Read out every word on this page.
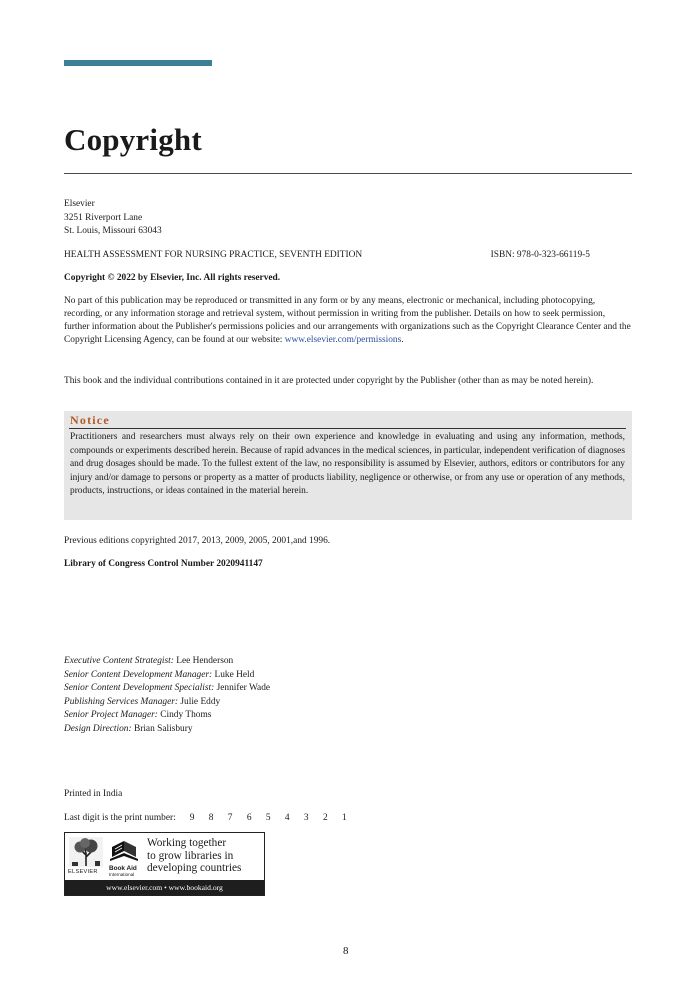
Copyright
Elsevier
3251 Riverport Lane
St. Louis, Missouri 63043
HEALTH ASSESSMENT FOR NURSING PRACTICE, SEVENTH EDITION	ISBN: 978-0-323-66119-5
Copyright © 2022 by Elsevier, Inc. All rights reserved.
No part of this publication may be reproduced or transmitted in any form or by any means, electronic or mechanical, including photocopying, recording, or any information storage and retrieval system, without permission in writing from the publisher. Details on how to seek permission, further information about the Publisher's permissions policies and our arrangements with organizations such as the Copyright Clearance Center and the Copyright Licensing Agency, can be found at our website: www.elsevier.com/permissions.
This book and the individual contributions contained in it are protected under copyright by the Publisher (other than as may be noted herein).
Notice
Practitioners and researchers must always rely on their own experience and knowledge in evaluating and using any information, methods, compounds or experiments described herein. Because of rapid advances in the medical sciences, in particular, independent verification of diagnoses and drug dosages should be made. To the fullest extent of the law, no responsibility is assumed by Elsevier, authors, editors or contributors for any injury and/or damage to persons or property as a matter of products liability, negligence or otherwise, or from any use or operation of any methods, products, instructions, or ideas contained in the material herein.
Previous editions copyrighted 2017, 2013, 2009, 2005, 2001,and 1996.
Library of Congress Control Number 2020941147
Executive Content Strategist: Lee Henderson
Senior Content Development Manager: Luke Held
Senior Content Development Specialist: Jennifer Wade
Publishing Services Manager: Julie Eddy
Senior Project Manager: Cindy Thoms
Design Direction: Brian Salisbury
Printed in India
Last digit is the print number: 9 8 7 6 5 4 3 2 1
ELSEVIER Book Aid
International
Working together
to grow libraries in
developing countries
www.elsevier.com • www.bookaid.org
8
